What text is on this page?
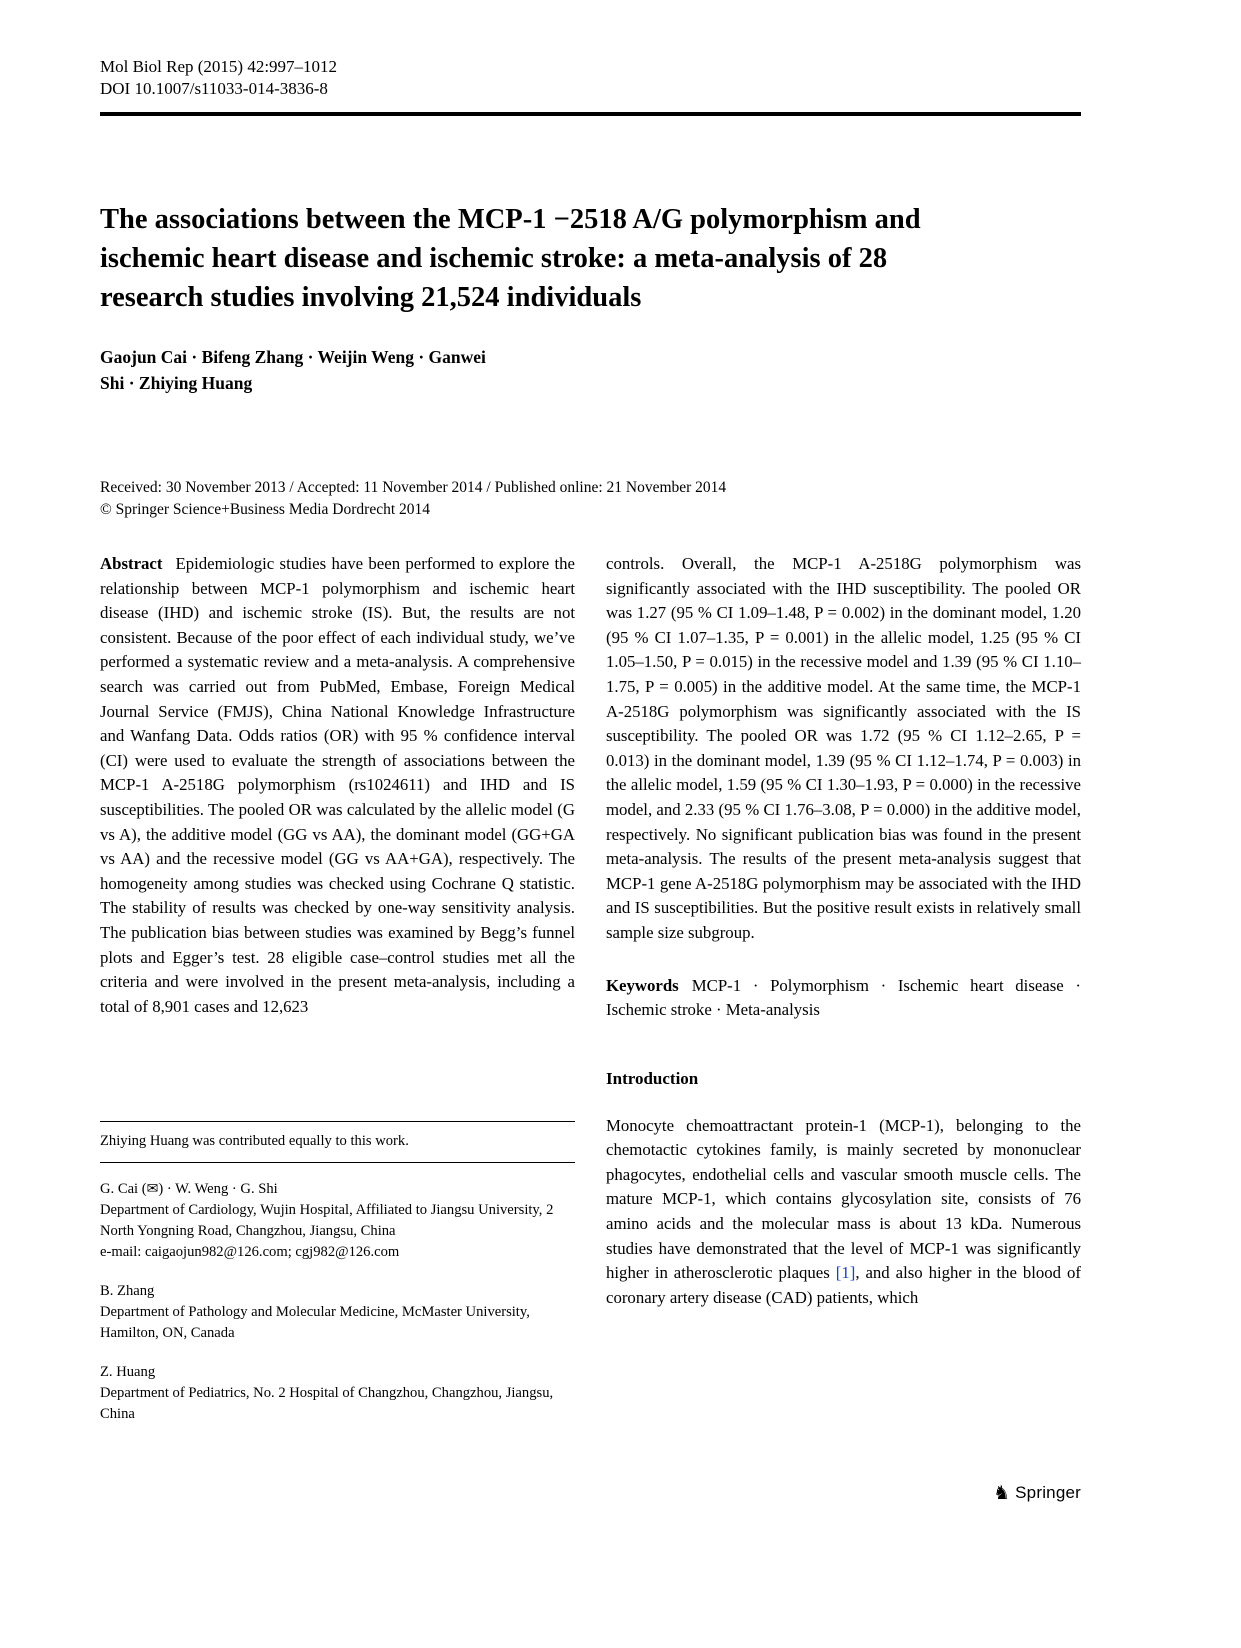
Mol Biol Rep (2015) 42:997–1012
DOI 10.1007/s11033-014-3836-8
The associations between the MCP-1 −2518 A/G polymorphism and ischemic heart disease and ischemic stroke: a meta-analysis of 28 research studies involving 21,524 individuals
Gaojun Cai · Bifeng Zhang · Weijin Weng · Ganwei Shi · Zhiying Huang
Received: 30 November 2013 / Accepted: 11 November 2014 / Published online: 21 November 2014
© Springer Science+Business Media Dordrecht 2014

Abstract Epidemiologic studies have been performed to explore the relationship between MCP-1 polymorphism and ischemic heart disease (IHD) and ischemic stroke (IS). But, the results are not consistent. Because of the poor effect of each individual study, we’ve performed a systematic review and a meta-analysis. A comprehensive search was carried out from PubMed, Embase, Foreign Medical Journal Service (FMJS), China National Knowledge Infrastructure and Wanfang Data. Odds ratios (OR) with 95 % confidence interval (CI) were used to evaluate the strength of associations between the MCP-1 A-2518G polymorphism (rs1024611) and IHD and IS susceptibilities. The pooled OR was calculated by the allelic model (G vs A), the additive model (GG vs AA), the dominant model (GG+GA vs AA) and the recessive model (GG vs AA+GA), respectively. The homogeneity among studies was checked using Cochrane Q statistic. The stability of results was checked by one-way sensitivity analysis. The publication bias between studies was examined by Begg’s funnel plots and Egger’s test. 28 eligible case–control studies met all the criteria and were involved in the present meta-analysis, including a total of 8,901 cases and 12,623

Zhiying Huang was contributed equally to this work.

G. Cai (✉) · W. Weng · G. Shi
Department of Cardiology, Wujin Hospital, Affiliated to Jiangsu University, 2 North Yongning Road, Changzhou, Jiangsu, China
e-mail: caigaojun982@126.com; cgj982@126.com
B. Zhang
Department of Pathology and Molecular Medicine, McMaster University, Hamilton, ON, Canada
Z. Huang
Department of Pediatrics, No. 2 Hospital of Changzhou, Changzhou, Jiangsu, China

controls. Overall, the MCP-1 A-2518G polymorphism was significantly associated with the IHD susceptibility. The pooled OR was 1.27 (95 % CI 1.09–1.48, P = 0.002) in the dominant model, 1.20 (95 % CI 1.07–1.35, P = 0.001) in the allelic model, 1.25 (95 % CI 1.05–1.50, P = 0.015) in the recessive model and 1.39 (95 % CI 1.10–1.75, P = 0.005) in the additive model. At the same time, the MCP-1 A-2518G polymorphism was significantly associated with the IS susceptibility. The pooled OR was 1.72 (95 % CI 1.12–2.65, P = 0.013) in the dominant model, 1.39 (95 % CI 1.12–1.74, P = 0.003) in the allelic model, 1.59 (95 % CI 1.30–1.93, P = 0.000) in the recessive model, and 2.33 (95 % CI 1.76–3.08, P = 0.000) in the additive model, respectively. No significant publication bias was found in the present meta-analysis. The results of the present meta-analysis suggest that MCP-1 gene A-2518G polymorphism may be associated with the IHD and IS susceptibilities. But the positive result exists in relatively small sample size subgroup.

Keywords MCP-1 · Polymorphism · Ischemic heart disease · Ischemic stroke · Meta-analysis

Introduction

Monocyte chemoattractant protein-1 (MCP-1), belonging to the chemotactic cytokines family, is mainly secreted by mononuclear phagocytes, endothelial cells and vascular smooth muscle cells. The mature MCP-1, which contains glycosylation site, consists of 76 amino acids and the molecular mass is about 13 kDa. Numerous studies have demonstrated that the level of MCP-1 was significantly higher in atherosclerotic plaques [1], and also higher in the blood of coronary artery disease (CAD) patients, which

♞ Springer
